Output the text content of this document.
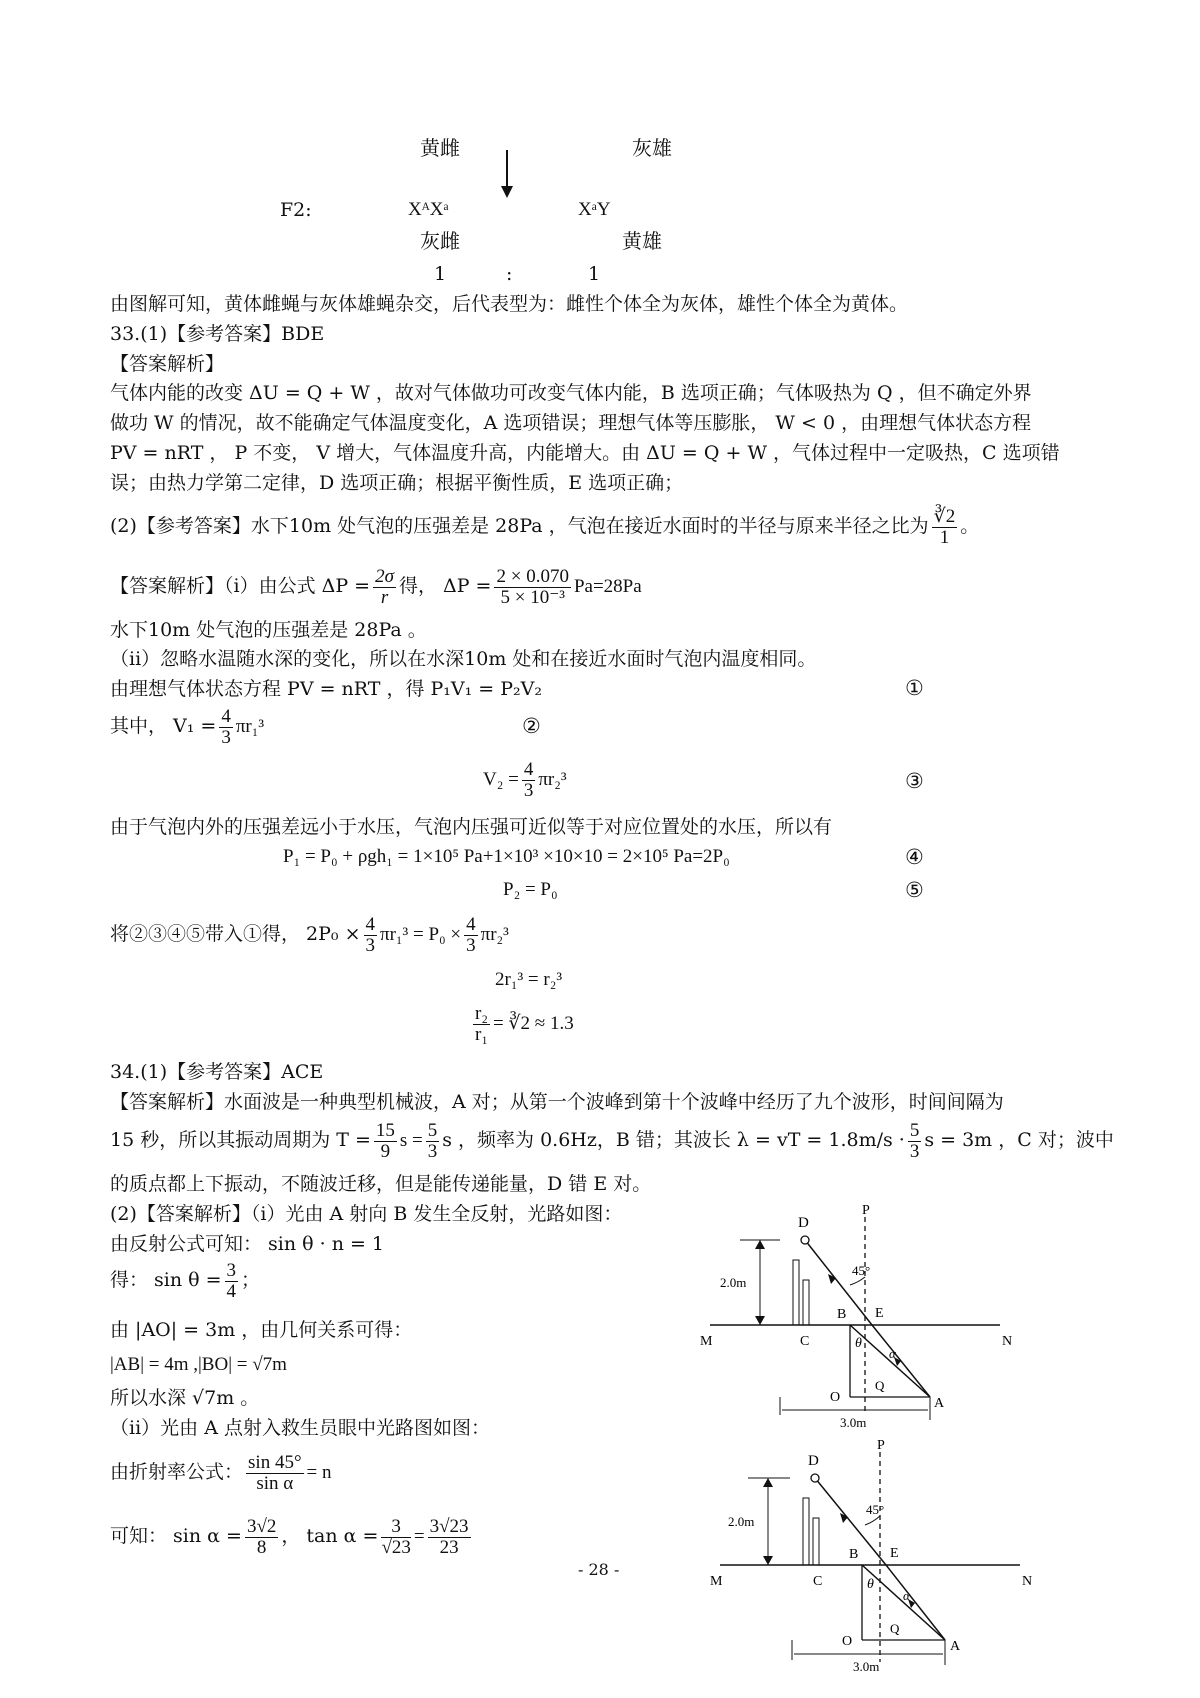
黄雌	灰雄
F2:	XᴬXᵃ	XᵃY
灰雌	黄雄
1	:	1
由图解可知，黄体雌蝇与灰体雄蝇杂交，后代表型为：雌性个体全为灰体，雄性个体全为黄体。
33.(1)【参考答案】BDE
【答案解析】
气体内能的改变 ΔU = Q + W ，故对气体做功可改变气体内能，B 选项正确；气体吸热为 Q ，但不确定外界
做功 W 的情况，故不能确定气体温度变化，A 选项错误；理想气体等压膨胀， W < 0 ，由理想气体状态方程
PV = nRT ， P 不变， V 增大，气体温度升高，内能增大。由 ΔU = Q + W ，气体过程中一定吸热，C 选项错
误；由热力学第二定律，D 选项正确；根据平衡性质，E 选项正确；
(2)【参考答案】水下10m 处气泡的压强差是 28Pa ，气泡在接近水面时的半径与原来半径之比为 $\frac{∛2}{1}$ 。
【答案解析】（i）由公式 $\Delta P = \frac{2\sigma}{r}$ 得， $\Delta P = \frac{2 \times 0.070}{\text{5 × 10⁻³}} Pa=28Pa$
水下10m 处气泡的压强差是 28Pa 。
（ii）忽略水温随水深的变化，所以在水深10m 处和在接近水面时气泡内温度相同。
由理想气体状态方程 PV = nRT ，得 P₁V₁ = P₂V₂	①
其中， $V_1 = \frac{4}{3} \pi r_1^3$	②
$V_2 = \frac{4}{3} \pi r_2^3$	③
由于气泡内外的压强差远小于水压，气泡内压强可近似等于对应位置处的水压，所以有
P₁ = P₀ + ρgh₁ = 1×10⁵ Pa+1×10³ ×10×10 = 2×10⁵ Pa=2P₀	④
P₂ = P₀	⑤
将②③④⑤带入①得， $2P_0 \times \frac{4}{3} \pi r_1^3 = P_0 \times \frac{4}{3} \pi r_2^3$
2r₁³ = r₂³
$\frac{\text{r₂}}{\text{r₁}}$ = ∛2 ≈ 1.3
34.(1)【参考答案】ACE
【答案解析】水面波是一种典型机械波，A 对；从第一个波峰到第十个波峰中经历了九个波形，时间间隔为
15 秒，所以其振动周期为 $T = \frac{15}{9}$ $s = \frac{5}{3}$ s ，频率为 0.6Hz，B 错；其波长 λ = vT = $1.8m/s \cdot \frac{5}{3}$ s = 3m ，C 对；波中
的质点都上下振动，不随波迁移，但是能传递能量，D 错 E 对。
(2)【答案解析】（i）光由 A 射向 B 发生全反射，光路如图：
由反射公式可知： sin θ · n = 1
得： $\sin \theta = \frac{3}{4}$ ；
由 |AO| = 3m ，由几何关系可得：
|AB| = 4m ,|BO| = √7m
所以水深 √7m 。
（ii）光由 A 点射入救生员眼中光路图如图：
由折射率公式： $\frac{\sin 45^\circ}{\text{sin α}} = n$
可知： $\sin \alpha = \frac{3√2}{8}$ ， $\tan \alpha = \frac{3}{√23} = \frac{3√23}{23}$
P
D
2.0m
45°
E
B
M	C	N
θ
α
Q
O	A
3.0m
P
D
2.0m
45°
E
B
M	C	N
θ
α
Q
O	A
3.0m
- 28 -
